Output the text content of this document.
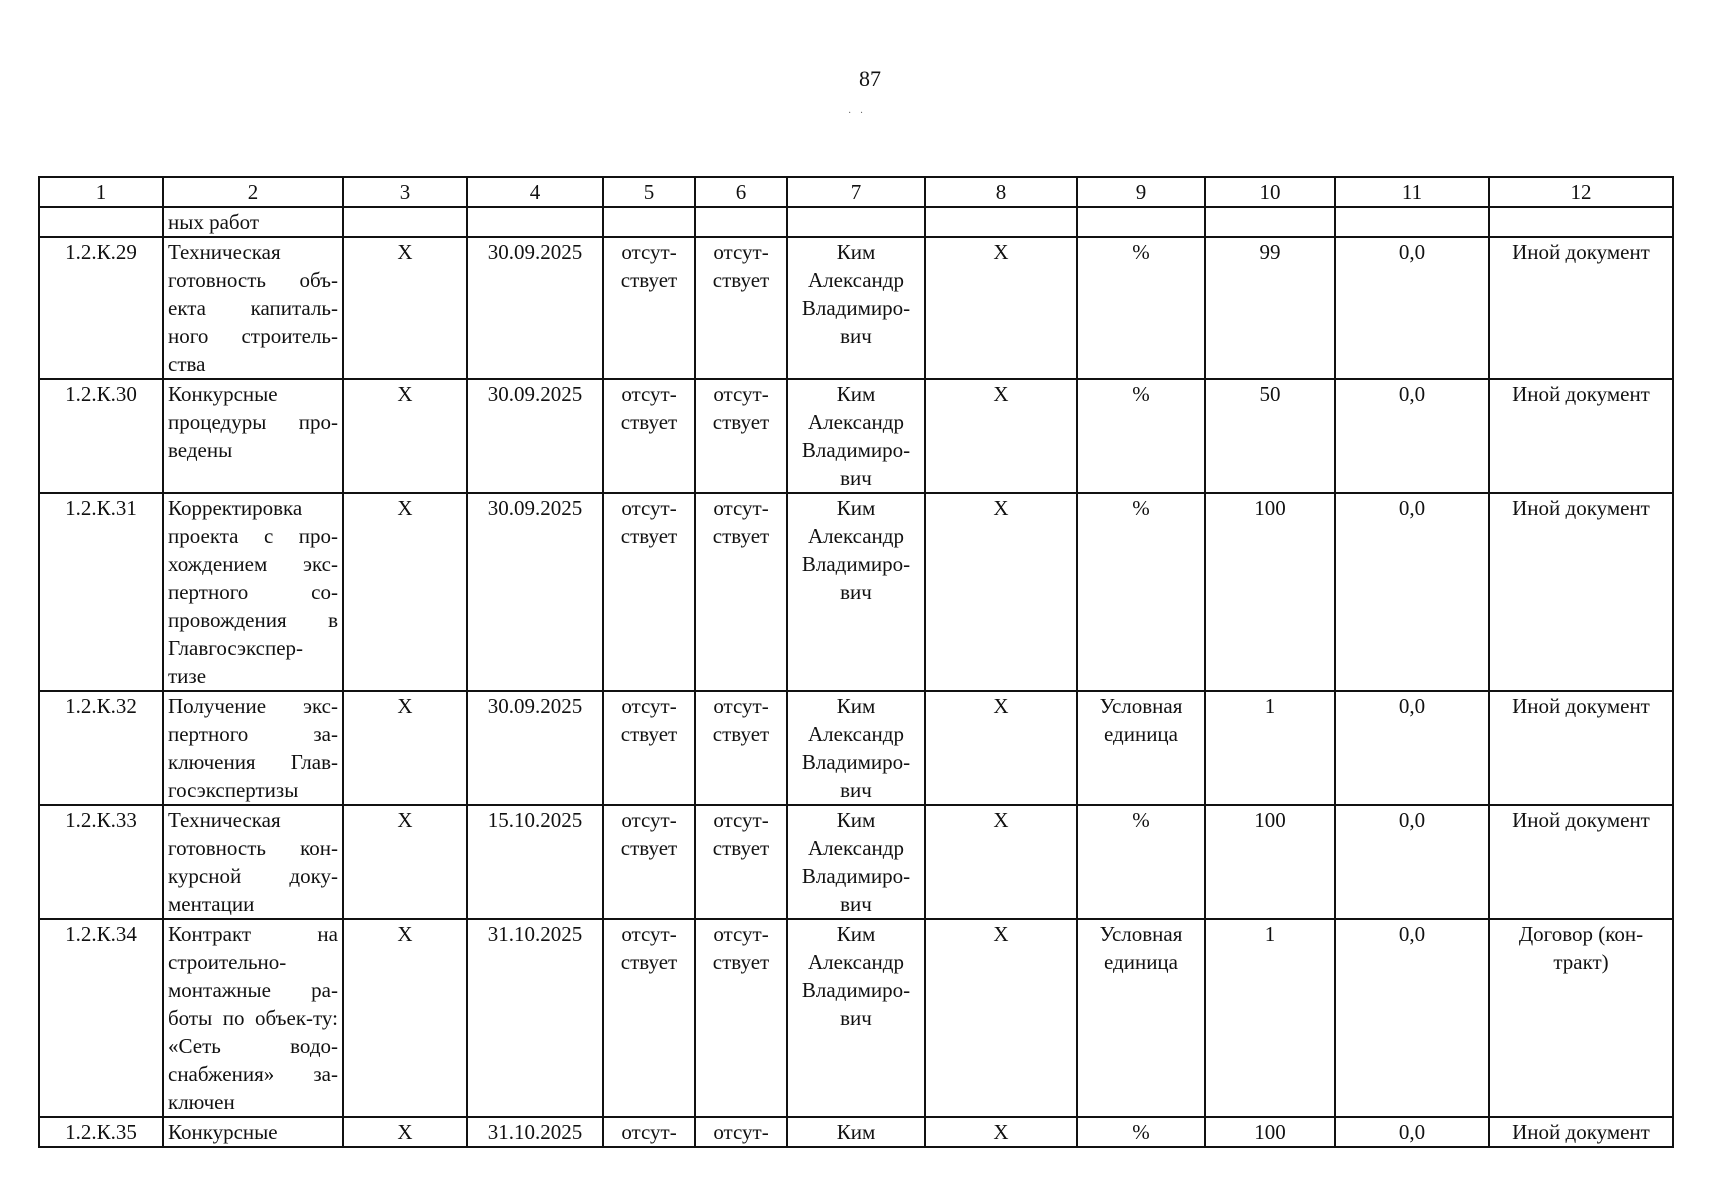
87
· ·
1	2	3	4	5	6	7	8	9	10	11	12
	ных работ										
1.2.К.29	Техническая готовность объ-екта капиталь-ного строитель-ства	Х	30.09.2025	отсут-ствует	отсут-ствует	Ким Александр Владимиро-вич	Х	%	99	0,0	Иной документ
1.2.К.30	Конкурсные процедуры про-ведены	Х	30.09.2025	отсут-ствует	отсут-ствует	Ким Александр Владимиро-вич	Х	%	50	0,0	Иной документ
1.2.К.31	Корректировка проекта с про-хождением экс-пертного со-провождения в Главгосэкспер-тизе	Х	30.09.2025	отсут-ствует	отсут-ствует	Ким Александр Владимиро-вич	Х	%	100	0,0	Иной документ
1.2.К.32	Получение экс-пертного за-ключения Глав-госэкспертизы	Х	30.09.2025	отсут-ствует	отсут-ствует	Ким Александр Владимиро-вич	Х	Условная единица	1	0,0	Иной документ
1.2.К.33	Техническая готовность кон-курсной доку-ментации	Х	15.10.2025	отсут-ствует	отсут-ствует	Ким Александр Владимиро-вич	Х	%	100	0,0	Иной документ
1.2.К.34	Контракт на строительно-монтажные ра-боты по объек-ту: «Сеть водо-снабжения» за-ключен	Х	31.10.2025	отсут-ствует	отсут-ствует	Ким Александр Владимиро-вич	Х	Условная единица	1	0,0	Договор (кон-тракт)
1.2.К.35	Конкурсные	Х	31.10.2025	отсут-	отсут-	Ким	Х	%	100	0,0	Иной документ
